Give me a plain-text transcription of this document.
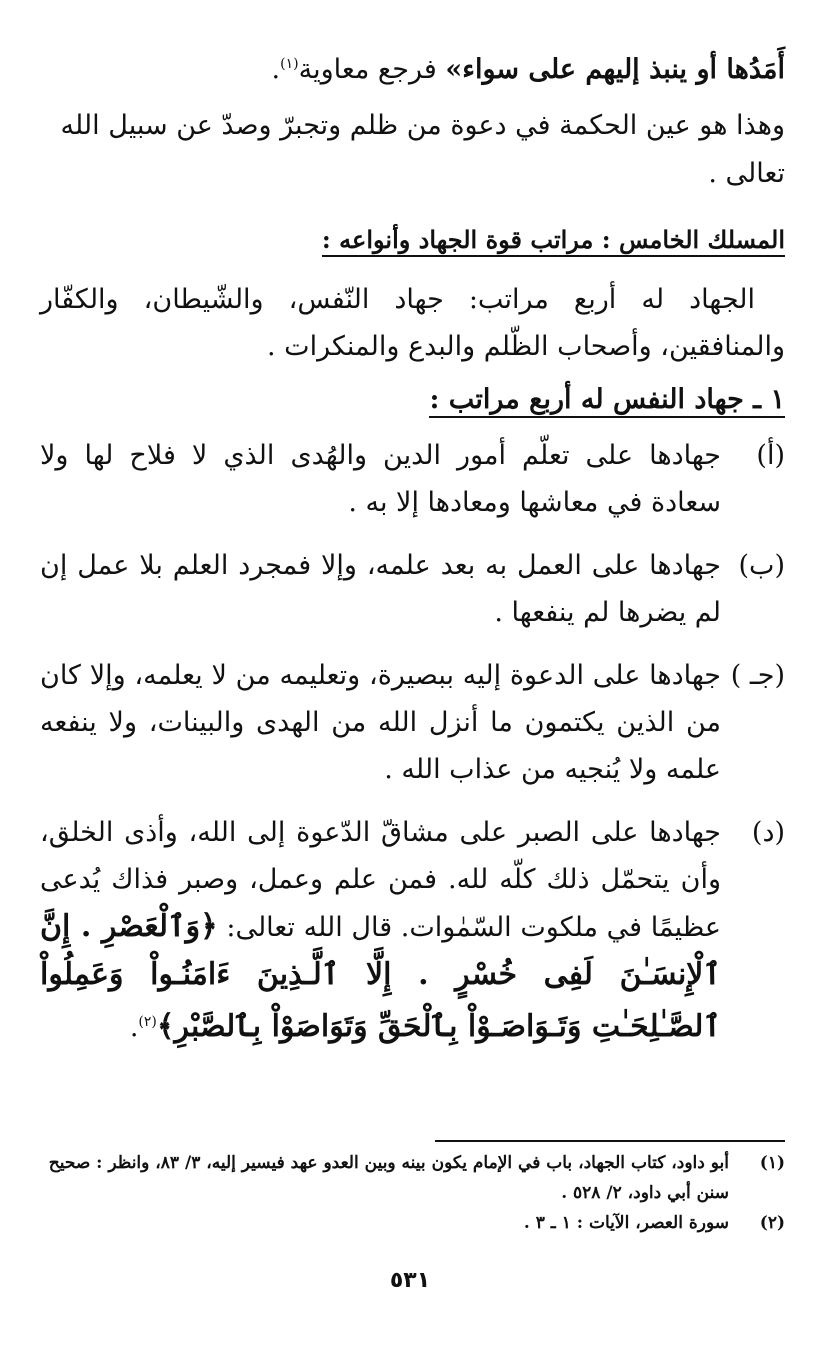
أَمَدُها أو ينبذ إليهم على سواء» فرجع معاوية$^{(١)}$.

وهذا هو عين الحكمة في دعوة من ظلم وتجبرّ وصدّ عن سبيل الله تعالى .

المسلك الخامس : مراتب قوة الجهاد وأنواعه :

الجهاد له أربع مراتب: جهاد النّفس، والشّيطان، والكفّار والمنافقين، وأصحاب الظّلم والبدع والمنكرات .

١ ـ جهاد النفس له أربع مراتب :

(أ)
جهادها على تعلّم أمور الدين والهُدى الذي لا فلاح لها ولا سعادة في معاشها ومعادها إلا به .

(ب)
جهادها على العمل به بعد علمه، وإلا فمجرد العلم بلا عمل إن لم يضرها لم ينفعها .

(جـ )
جهادها على الدعوة إليه ببصيرة، وتعليمه من لا يعلمه، وإلا كان من الذين يكتمون ما أنزل الله من الهدى والبينات، ولا ينفعه علمه ولا يُنجيه من عذاب الله .

(د)
جهادها على الصبر على مشاقّ الدّعوة إلى الله، وأذى الخلق، وأن يتحمّل ذلك كلّه لله. فمن علم وعمل، وصبر فذاك يُدعى عظيمًا في ملكوت السّمٰوات. قال الله تعالى: ﴿وَٱلْعَصْرِ . إِنَّ ٱلْإِنسَـٰنَ لَفِى خُسْرٍ . إِلَّا ٱلَّـذِينَ ءَامَنُـواْ وَعَمِلُواْ ٱلصَّـٰلِحَـٰتِ وَتَـوَاصَـوْاْ بِٱلْحَقِّ وَتَوَاصَوْاْ بِٱلصَّبْرِ﴾$^{(٢)}$.

(١)
أبو داود، كتاب الجهاد، باب في الإمام يكون بينه وبين العدو عهد فيسير إليه، ٣/ ٨٣، وانظر : صحيح سنن أبي داود، ٢/ ٥٢٨ .

(٢)
سورة العصر، الآيات : ١ ـ ٣ .

٥٣١
